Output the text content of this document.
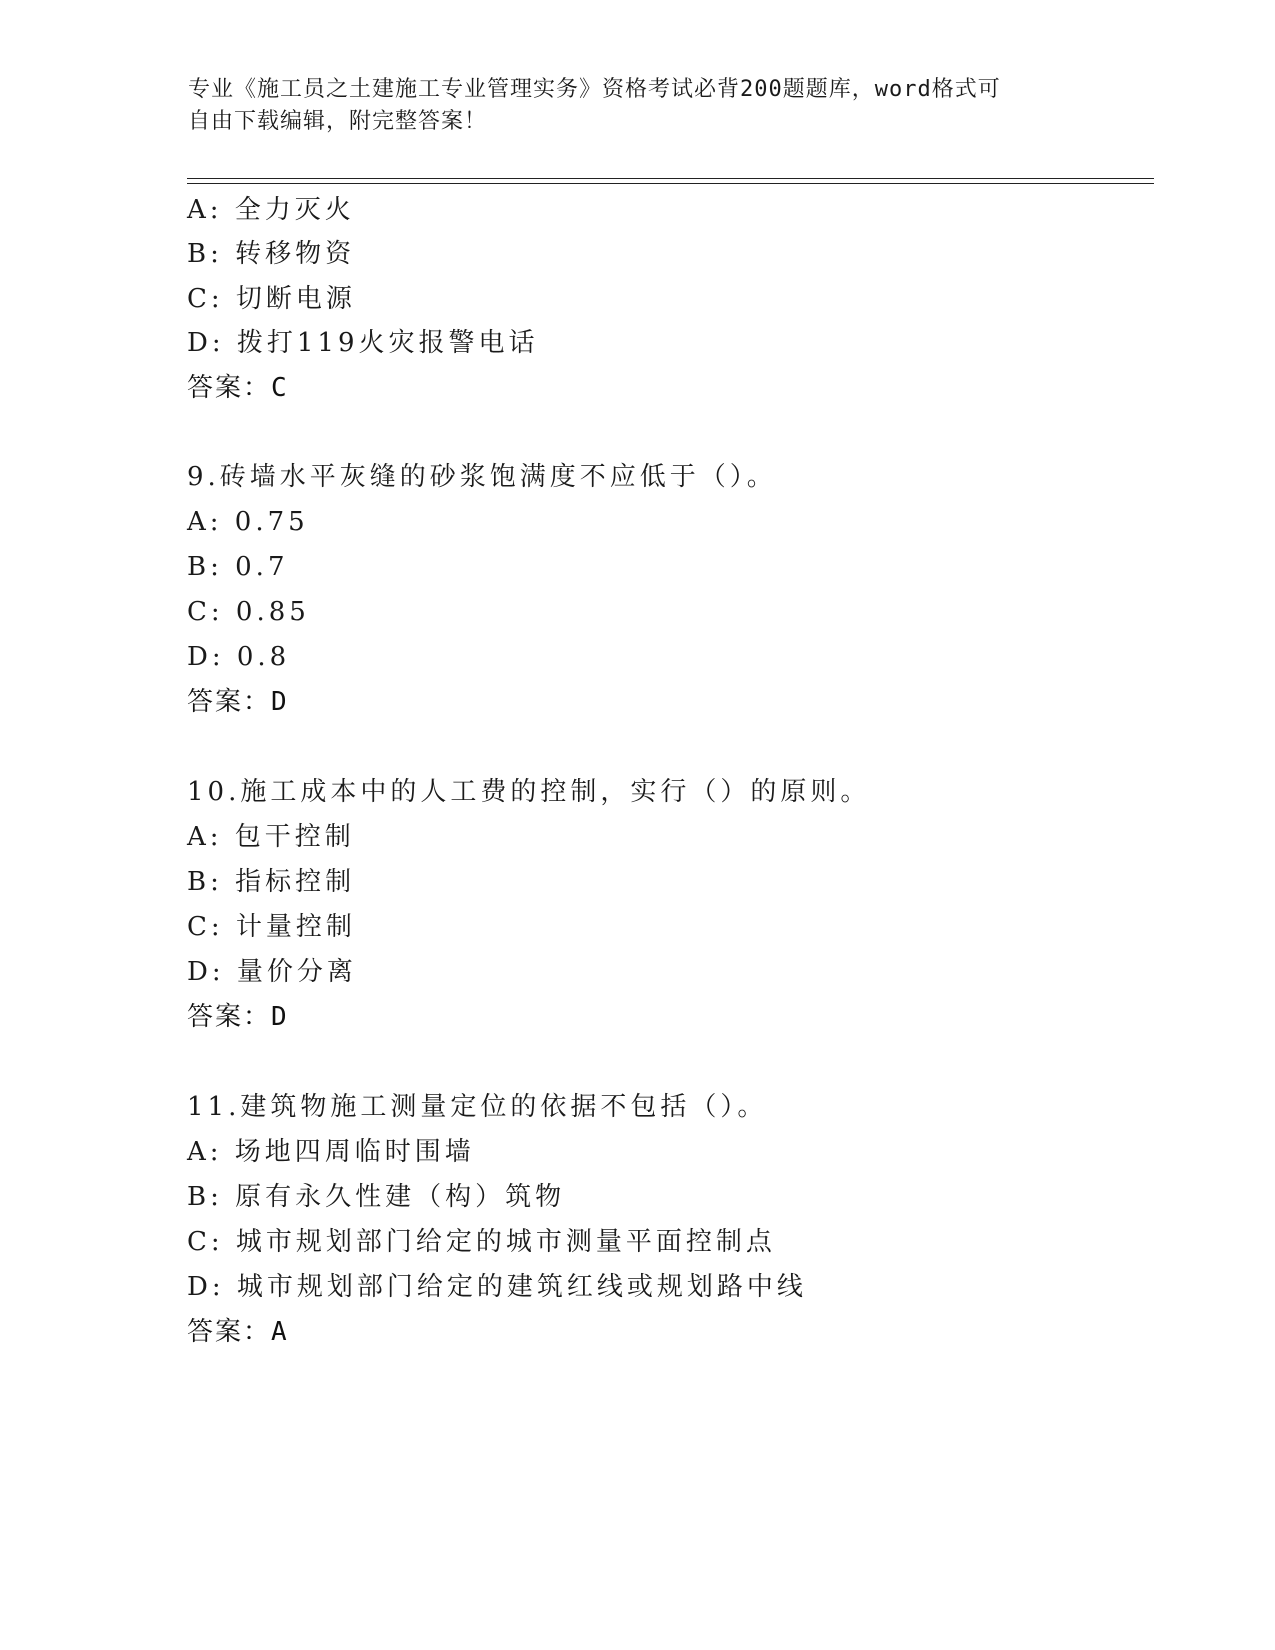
专业《施工员之土建施工专业管理实务》资格考试必背200题题库，word格式可
自由下载编辑，附完整答案！
A: 全力灭火
B: 转移物资
C: 切断电源
D: 拨打119火灾报警电话
答案：C
9.砖墙水平灰缝的砂浆饱满度不应低于（）。
A: 0.75
B: 0.7
C: 0.85
D: 0.8
答案：D
10.施工成本中的人工费的控制，实行（）的原则。
A: 包干控制
B: 指标控制
C: 计量控制
D: 量价分离
答案：D
11.建筑物施工测量定位的依据不包括（）。
A: 场地四周临时围墙
B: 原有永久性建（构）筑物
C: 城市规划部门给定的城市测量平面控制点
D: 城市规划部门给定的建筑红线或规划路中线
答案：A
